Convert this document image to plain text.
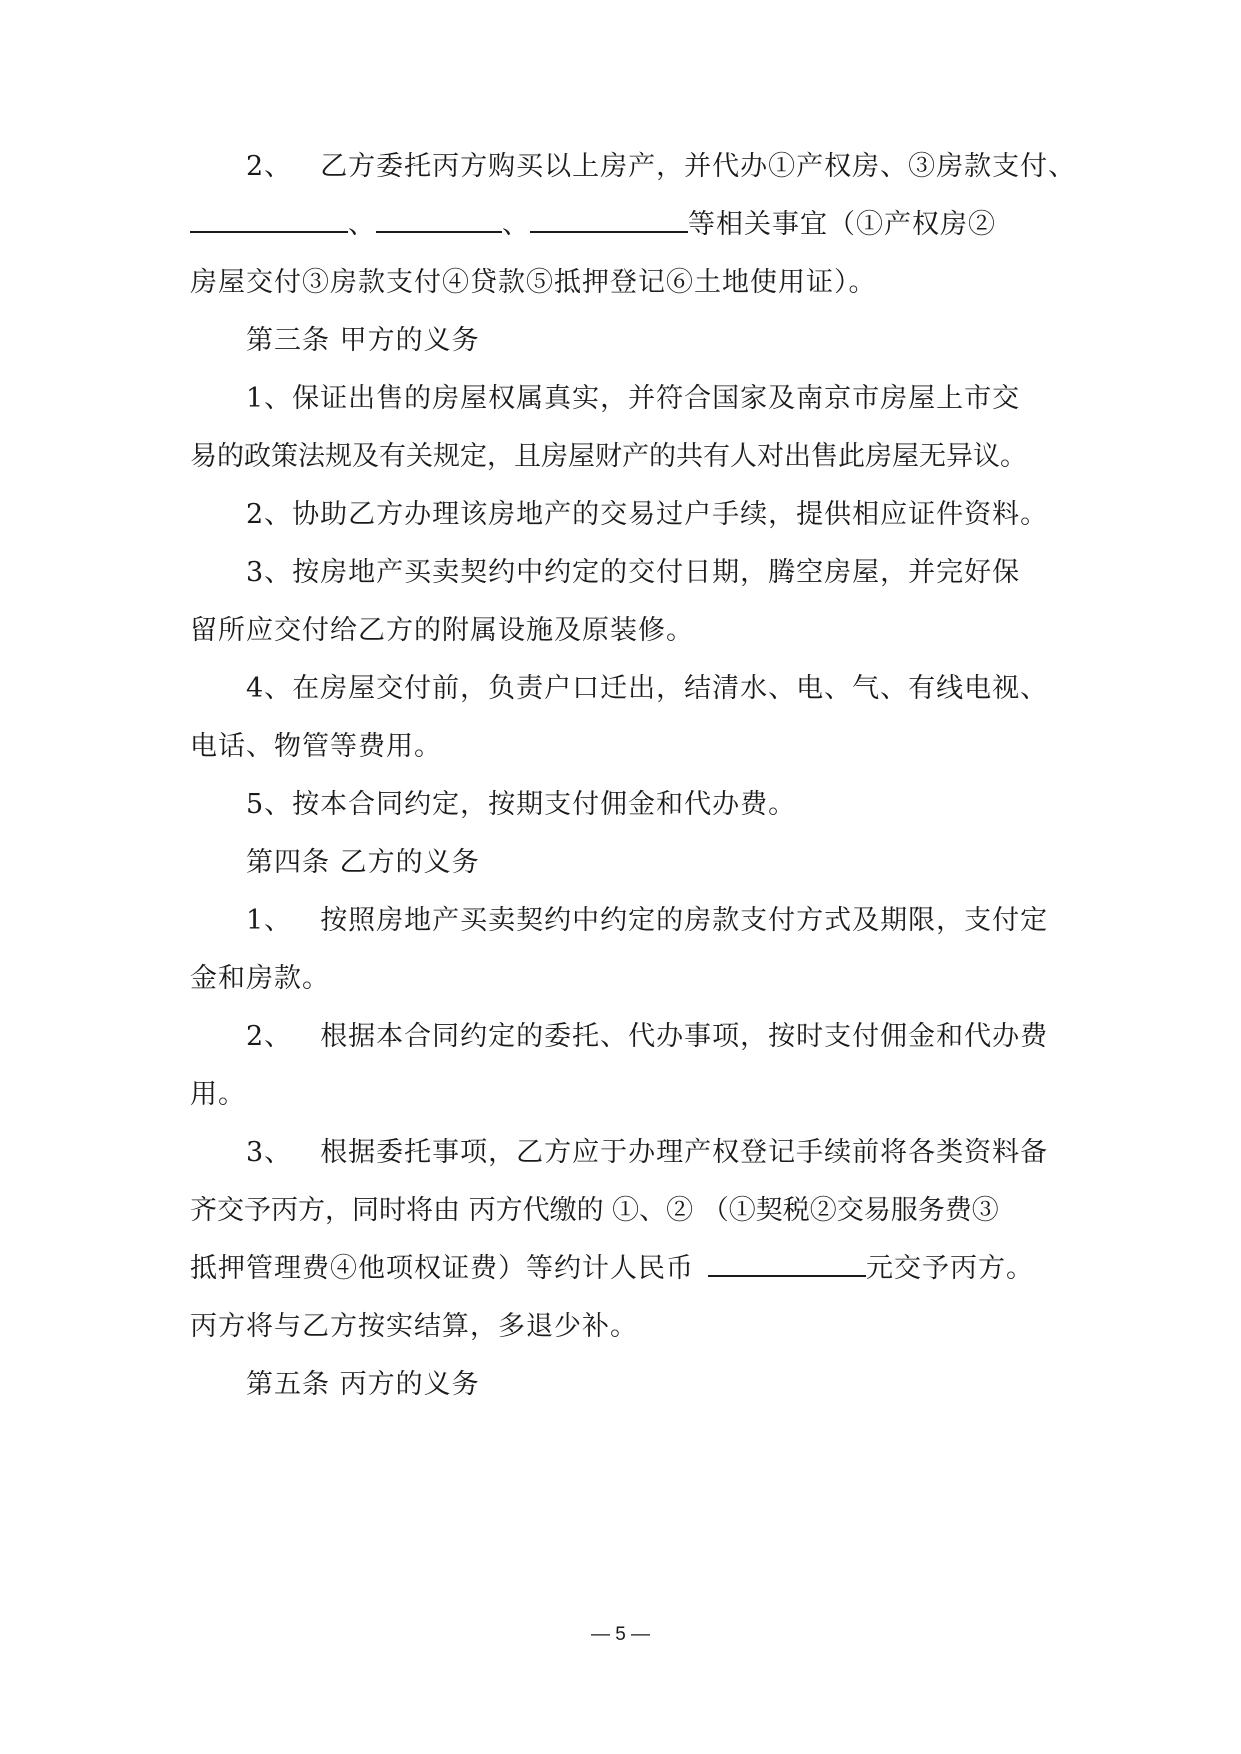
2、 乙方委托丙方购买以上房产，并代办①产权房、③房款支付、
、	、	等相关事宜（①产权房②
房屋交付③房款支付④贷款⑤抵押登记⑥土地使用证）。
第三条 甲方的义务
1、保证出售的房屋权属真实，并符合国家及南京市房屋上市交
易的政策法规及有关规定，且房屋财产的共有人对出售此房屋无异议。
2、协助乙方办理该房地产的交易过户手续，提供相应证件资料。
3、按房地产买卖契约中约定的交付日期，腾空房屋，并完好保
留所应交付给乙方的附属设施及原装修。
4、在房屋交付前，负责户口迁出，结清水、电、气、有线电视、
电话、物管等费用。
5、按本合同约定，按期支付佣金和代办费。
第四条 乙方的义务
1、 按照房地产买卖契约中约定的房款支付方式及期限，支付定
金和房款。
2、 根据本合同约定的委托、代办事项，按时支付佣金和代办费
用。
3、 根据委托事项，乙方应于办理产权登记手续前将各类资料备
齐交予丙方，同时将由 丙方代缴的 ①、② （①契税②交易服务费③
抵押管理费④他项权证费）等约计人民币	元交予丙方。
丙方将与乙方按实结算，多退少补。
第五条 丙方的义务
— 5 —
